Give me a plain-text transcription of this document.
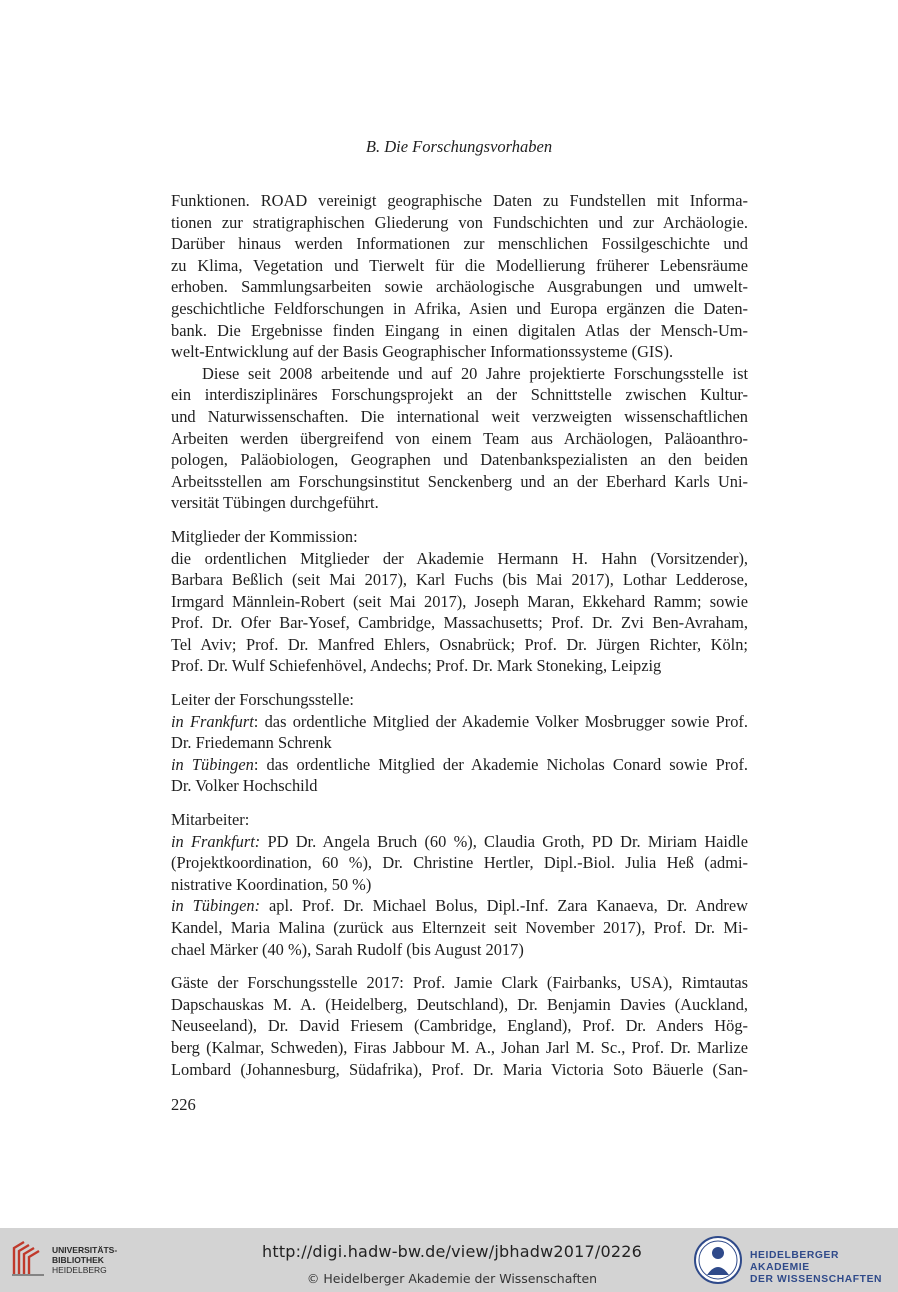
B. Die Forschungsvorhaben

Funktionen. ROAD vereinigt geographische Daten zu Fundstellen mit Informa-
tionen zur stratigraphischen Gliederung von Fundschichten und zur Archäologie.
Darüber hinaus werden Informationen zur menschlichen Fossilgeschichte und
zu Klima, Vegetation und Tierwelt für die Modellierung früherer Lebensräume
erhoben. Sammlungsarbeiten sowie archäologische Ausgrabungen und umwelt-
geschichtliche Feldforschungen in Afrika, Asien und Europa ergänzen die Daten-
bank. Die Ergebnisse finden Eingang in einen digitalen Atlas der Mensch-Um-
welt-Entwicklung auf der Basis Geographischer Informationssysteme (GIS).

Diese seit 2008 arbeitende und auf 20 Jahre projektierte Forschungsstelle ist
ein interdisziplinäres Forschungsprojekt an der Schnittstelle zwischen Kultur-
und Naturwissenschaften. Die international weit verzweigten wissenschaftlichen
Arbeiten werden übergreifend von einem Team aus Archäologen, Paläoanthro-
pologen, Paläobiologen, Geographen und Datenbankspezialisten an den beiden
Arbeitsstellen am Forschungsinstitut Senckenberg und an der Eberhard Karls Uni-
versität Tübingen durchgeführt.

Mitglieder der Kommission:
die ordentlichen Mitglieder der Akademie Hermann H. Hahn (Vorsitzender),
Barbara Beßlich (seit Mai 2017), Karl Fuchs (bis Mai 2017), Lothar Ledderose,
Irmgard Männlein-Robert (seit Mai 2017), Joseph Maran, Ekkehard Ramm; sowie
Prof. Dr. Ofer Bar-Yosef, Cambridge, Massachusetts; Prof. Dr. Zvi Ben-Avraham,
Tel Aviv; Prof. Dr. Manfred Ehlers, Osnabrück; Prof. Dr. Jürgen Richter, Köln;
Prof. Dr. Wulf Schiefenhövel, Andechs; Prof. Dr. Mark Stoneking, Leipzig
Leiter der Forschungsstelle:
in Frankfurt: das ordentliche Mitglied der Akademie Volker Mosbrugger sowie Prof.
Dr. Friedemann Schrenk
in Tübingen: das ordentliche Mitglied der Akademie Nicholas Conard sowie Prof.
Dr. Volker Hochschild
Mitarbeiter:
in Frankfurt: PD Dr. Angela Bruch (60 %), Claudia Groth, PD Dr. Miriam Haidle
(Projektkoordination, 60 %), Dr. Christine Hertler, Dipl.-Biol. Julia Heß (admi-
nistrative Koordination, 50 %)
in Tübingen: apl. Prof. Dr. Michael Bolus, Dipl.-Inf. Zara Kanaeva, Dr. Andrew
Kandel, Maria Malina (zurück aus Elternzeit seit November 2017), Prof. Dr. Mi-
chael Märker (40 %), Sarah Rudolf (bis August 2017)
Gäste der Forschungsstelle 2017: Prof. Jamie Clark (Fairbanks, USA), Rimtautas
Dapschauskas M. A. (Heidelberg, Deutschland), Dr. Benjamin Davies (Auckland,
Neuseeland), Dr. David Friesem (Cambridge, England), Prof. Dr. Anders Hög-
berg (Kalmar, Schweden), Firas Jabbour M. A., Johan Jarl M. Sc., Prof. Dr. Marlize
Lombard (Johannesburg, Südafrika), Prof. Dr. Maria Victoria Soto Bäuerle (San-
226
UNIVERSITÄTS-
BIBLIOTHEK
HEIDELBERG
http://digi.hadw-bw.de/view/jbhadw2017/0226
© Heidelberger Akademie der Wissenschaften
HEIDELBERGER AKADEMIE
DER WISSENSCHAFTEN
